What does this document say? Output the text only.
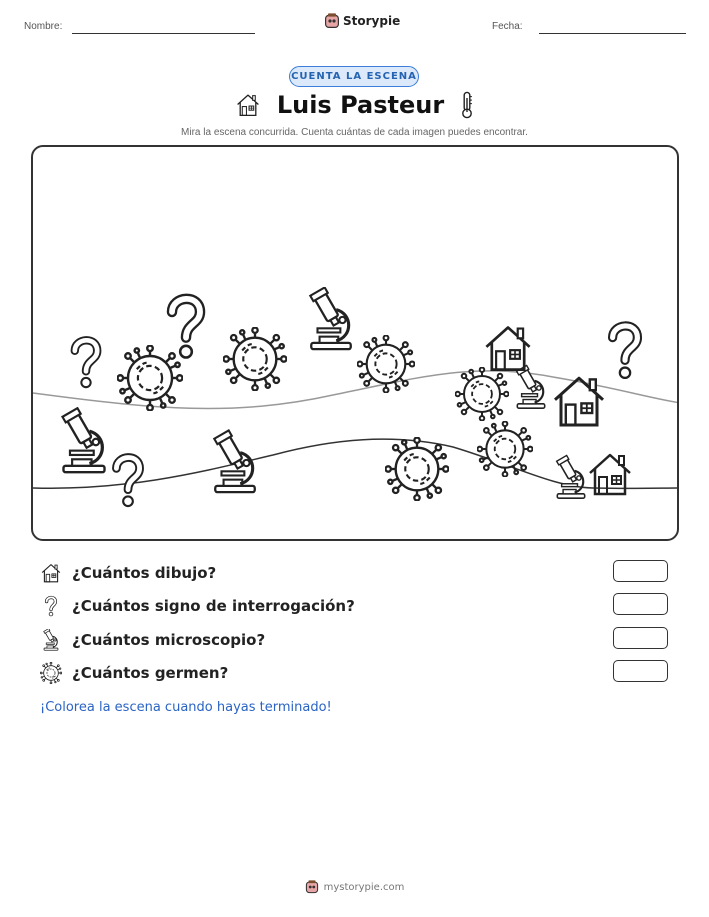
Nombre:	Storypie	Fecha:
CUENTA LA ESCENA
Luis Pasteur
Mira la escena concurrida. Cuenta cuántas de cada imagen puedes encontrar.
¿Cuántos dibujo?
¿Cuántos signo de interrogación?
¿Cuántos microscopio?
¿Cuántos germen?
¡Colorea la escena cuando hayas terminado!
mystorypie.com
